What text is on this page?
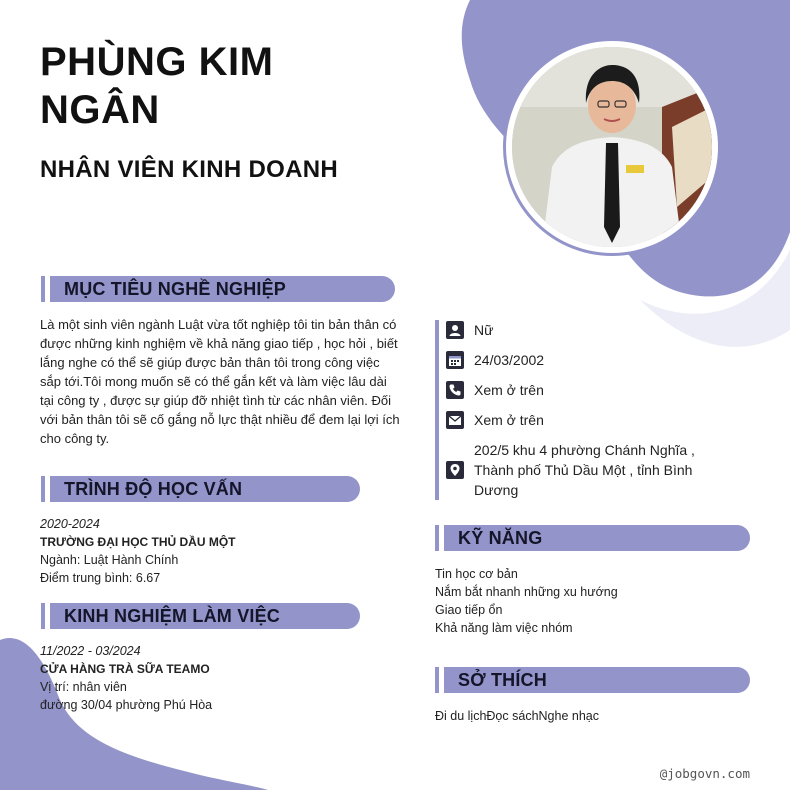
PHÙNG KIM NGÂN
NHÂN VIÊN KINH DOANH
MỤC TIÊU NGHỀ NGHIỆP
Là một sinh viên ngành Luật vừa tốt nghiệp tôi tin bản thân có được những kinh nghiệm về khả năng giao tiếp , học hỏi , biết lắng nghe có thể sẽ giúp được bản thân tôi trong công việc sắp tới.Tôi mong muốn sẽ có thể gắn kết và làm việc lâu dài tại công ty , được sự giúp đỡ nhiệt tình từ các nhân viên. Đối với bản thân tôi sẽ cố gắng nỗ lực thật nhiều để đem lại lợi ích cho công ty.
TRÌNH ĐỘ HỌC VẤN
2020-2024
TRƯỜNG ĐẠI HỌC THỦ DẦU MỘT
Ngành: Luật Hành Chính
Điểm trung bình: 6.67
KINH NGHIỆM LÀM VIỆC
11/2022 - 03/2024
CỬA HÀNG TRÀ SỮA TEAMO
Vị trí: nhân viên
đường 30/04 phường Phú Hòa
Nữ
24/03/2002
Xem ở trên
Xem ở trên
202/5 khu 4 phường Chánh Nghĩa , Thành phố Thủ Dầu Một , tỉnh Bình Dương
KỸ NĂNG
Tin học cơ bản
Nắm bắt nhanh những xu hướng
Giao tiếp ổn
Khả năng làm việc nhóm
SỞ THÍCH
Đi du lịchĐọc sáchNghe nhạc
@jobgovn.com
